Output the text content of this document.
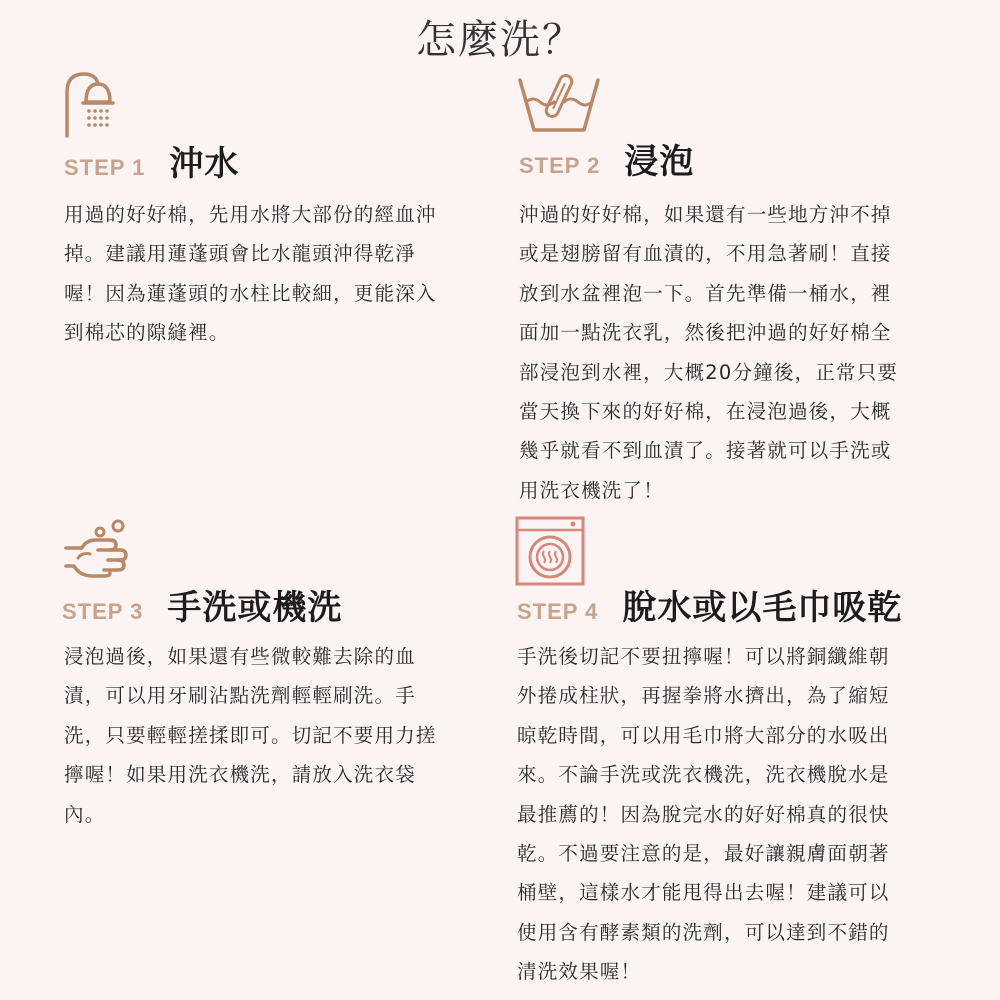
怎麼洗？
STEP 1 沖水
用過的好好棉，先用水將大部份的經血沖
掉。建議用蓮蓬頭會比水龍頭沖得乾淨
喔！因為蓮蓬頭的水柱比較細，更能深入
到棉芯的隙縫裡。
STEP 2 浸泡
沖過的好好棉，如果還有一些地方沖不掉
或是翅膀留有血漬的，不用急著刷！直接
放到水盆裡泡一下。首先準備一桶水，裡
面加一點洗衣乳，然後把沖過的好好棉全
部浸泡到水裡，大概20分鐘後，正常只要
當天換下來的好好棉，在浸泡過後，大概
幾乎就看不到血漬了。接著就可以手洗或
用洗衣機洗了！
STEP 3 手洗或機洗
浸泡過後，如果還有些微較難去除的血
漬，可以用牙刷沾點洗劑輕輕刷洗。手
洗，只要輕輕搓揉即可。切記不要用力搓
擰喔！如果用洗衣機洗，請放入洗衣袋
內。
STEP 4 脫水或以毛巾吸乾
手洗後切記不要扭擰喔！可以將銅纖維朝
外捲成柱狀，再握拳將水擠出，為了縮短
晾乾時間，可以用毛巾將大部分的水吸出
來。不論手洗或洗衣機洗，洗衣機脫水是
最推薦的！因為脫完水的好好棉真的很快
乾。不過要注意的是，最好讓親膚面朝著
桶壁，這樣水才能甩得出去喔！建議可以
使用含有酵素類的洗劑，可以達到不錯的
清洗效果喔！
